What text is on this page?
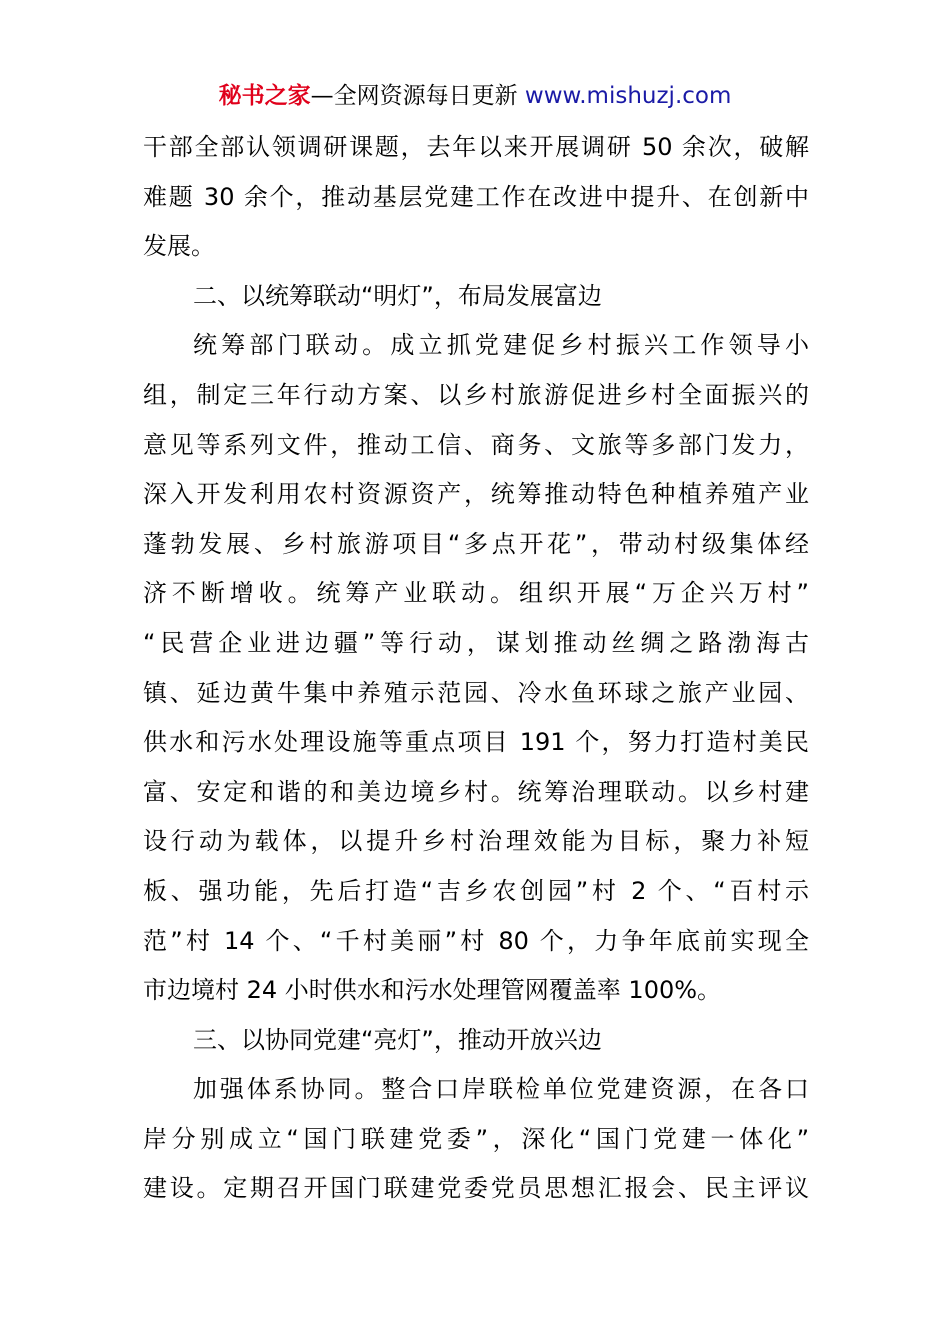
秘书之家—全网资源每日更新 www.mishuzj.com
干部全部认领调研课题，去年以来开展调研 50 余次，破解
难题 30 余个，推动基层党建工作在改进中提升、在创新中
发展。
二、以统筹联动“明灯”，布局发展富边
统筹部门联动。成立抓党建促乡村振兴工作领导小
组，制定三年行动方案、以乡村旅游促进乡村全面振兴的
意见等系列文件，推动工信、商务、文旅等多部门发力，
深入开发利用农村资源资产，统筹推动特色种植养殖产业
蓬勃发展、乡村旅游项目“多点开花”，带动村级集体经
济不断增收。统筹产业联动。组织开展“万企兴万村”
“民营企业进边疆”等行动，谋划推动丝绸之路渤海古
镇、延边黄牛集中养殖示范园、冷水鱼环球之旅产业园、
供水和污水处理设施等重点项目 191 个，努力打造村美民
富、安定和谐的和美边境乡村。统筹治理联动。以乡村建
设行动为载体，以提升乡村治理效能为目标，聚力补短
板、强功能，先后打造“吉乡农创园”村 2 个、“百村示
范”村 14 个、“千村美丽”村 80 个，力争年底前实现全
市边境村 24 小时供水和污水处理管网覆盖率 100%。
三、以协同党建“亮灯”，推动开放兴边
加强体系协同。整合口岸联检单位党建资源，在各口
岸分别成立“国门联建党委”，深化“国门党建一体化”
建设。定期召开国门联建党委党员思想汇报会、民主评议
